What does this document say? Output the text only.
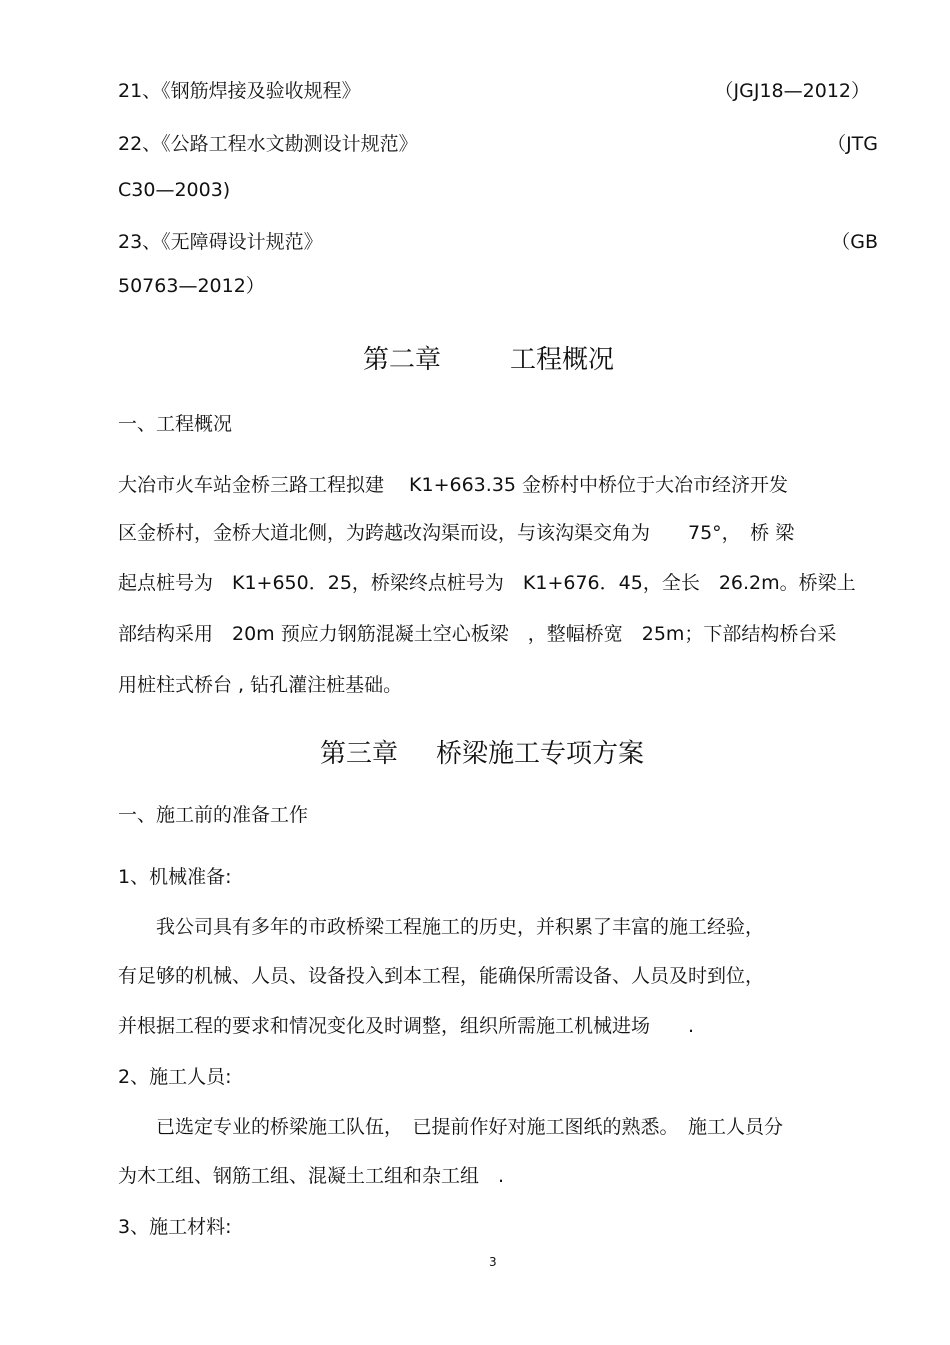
21、《钢筋焊接及验收规程》	（JGJ18—2012）
22、《公路工程水文勘测设计规范》	（JTG
C30—2003)
23、《无障碍设计规范》	（GB
50763—2012）
第二章	工程概况
一、工程概况
大冶市火车站金桥三路工程拟建　 K1+663.35 金桥村中桥位于大冶市经济开发
区金桥村，金桥大道北侧，为跨越改沟渠而设，与该沟渠交角为　　75°，　桥 梁
起点桩号为　K1+650．25，桥梁终点桩号为　K1+676．45，全长　26.2m。桥梁上
部结构采用　20m 预应力钢筋混凝土空心板梁　，整幅桥宽　25m；下部结构桥台采
用桩柱式桥台 , 钻孔灌注桩基础。
第三章 桥梁施工专项方案
一、施工前的准备工作
1、机械准备:
　　我公司具有多年的市政桥梁工程施工的历史，并积累了丰富的施工经验，
有足够的机械、人员、设备投入到本工程，能确保所需设备、人员及时到位，
并根据工程的要求和情况变化及时调整，组织所需施工机械进场　　.
2、施工人员:
　　已选定专业的桥梁施工队伍，　已提前作好对施工图纸的熟悉。　施工人员分
为木工组、钢筋工组、混凝土工组和杂工组　.
3、施工材料:
3
